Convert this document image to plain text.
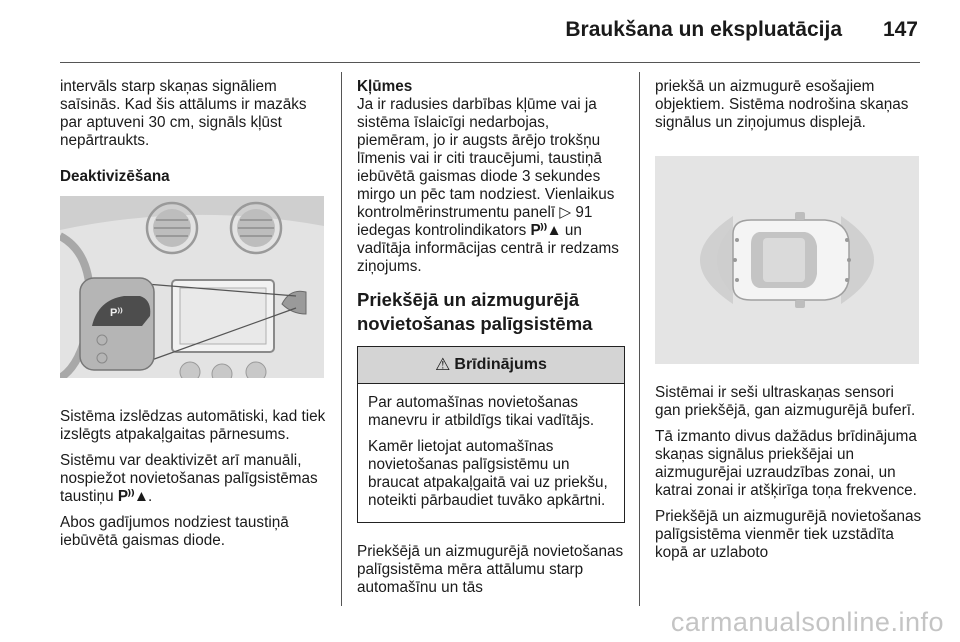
Braukšana un ekspluatācija 147

intervāls starp skaņas signāliem saīsinās. Kad šis attālums ir mazāks par aptuveni 30 cm, signāls kļūst nepārtraukts.

Deaktivizēšana

P⁾⁾

Sistēma izslēdzas automātiski, kad tiek izslēgts atpakaļgaitas pārnesums.

Sistēmu var deaktivizēt arī manuāli, nospiežot novietošanas palīgsistēmas taustiņu P⁾⁾▲.

Abos gadījumos nodziest taustiņā iebūvētā gaismas diode.

Kļūmes

Ja ir radusies darbības kļūme vai ja sistēma īslaicīgi nedarbojas, piemēram, jo ir augsts ārējo trokšņu līmenis vai ir citi traucējumi, taustiņā iebūvētā gaismas diode 3 sekundes mirgo un pēc tam nodziest. Vienlaikus kontrolmērinstrumentu panelī ▷ 91 iedegas kontrolindikators P⁾⁾▲ un vadītāja informācijas centrā ir redzams ziņojums.

Priekšējā un aizmugurējā novietošanas palīgsistēma
⚠ Brīdinājums

Par automašīnas novietošanas manevru ir atbildīgs tikai vadītājs.

Kamēr lietojat automašīnas novietošanas palīgsistēmu un braucat atpakaļgaitā vai uz priekšu, noteikti pārbaudiet tuvāko apkārtni.

Priekšējā un aizmugurējā novietošanas palīgsistēma mēra attālumu starp automašīnu un tās

priekšā un aizmugurē esošajiem objektiem. Sistēma nodrošina skaņas signālus un ziņojumus displejā.

Sistēmai ir seši ultraskaņas sensori gan priekšējā, gan aizmugurējā buferī.

Tā izmanto divus dažādus brīdinājuma skaņas signālus priekšējai un aizmugurējai uzraudzības zonai, un katrai zonai ir atšķirīga toņa frekvence.

Priekšējā un aizmugurējā novietošanas palīgsistēma vienmēr tiek uzstādīta kopā ar uzlaboto

carmanualsonline.info
